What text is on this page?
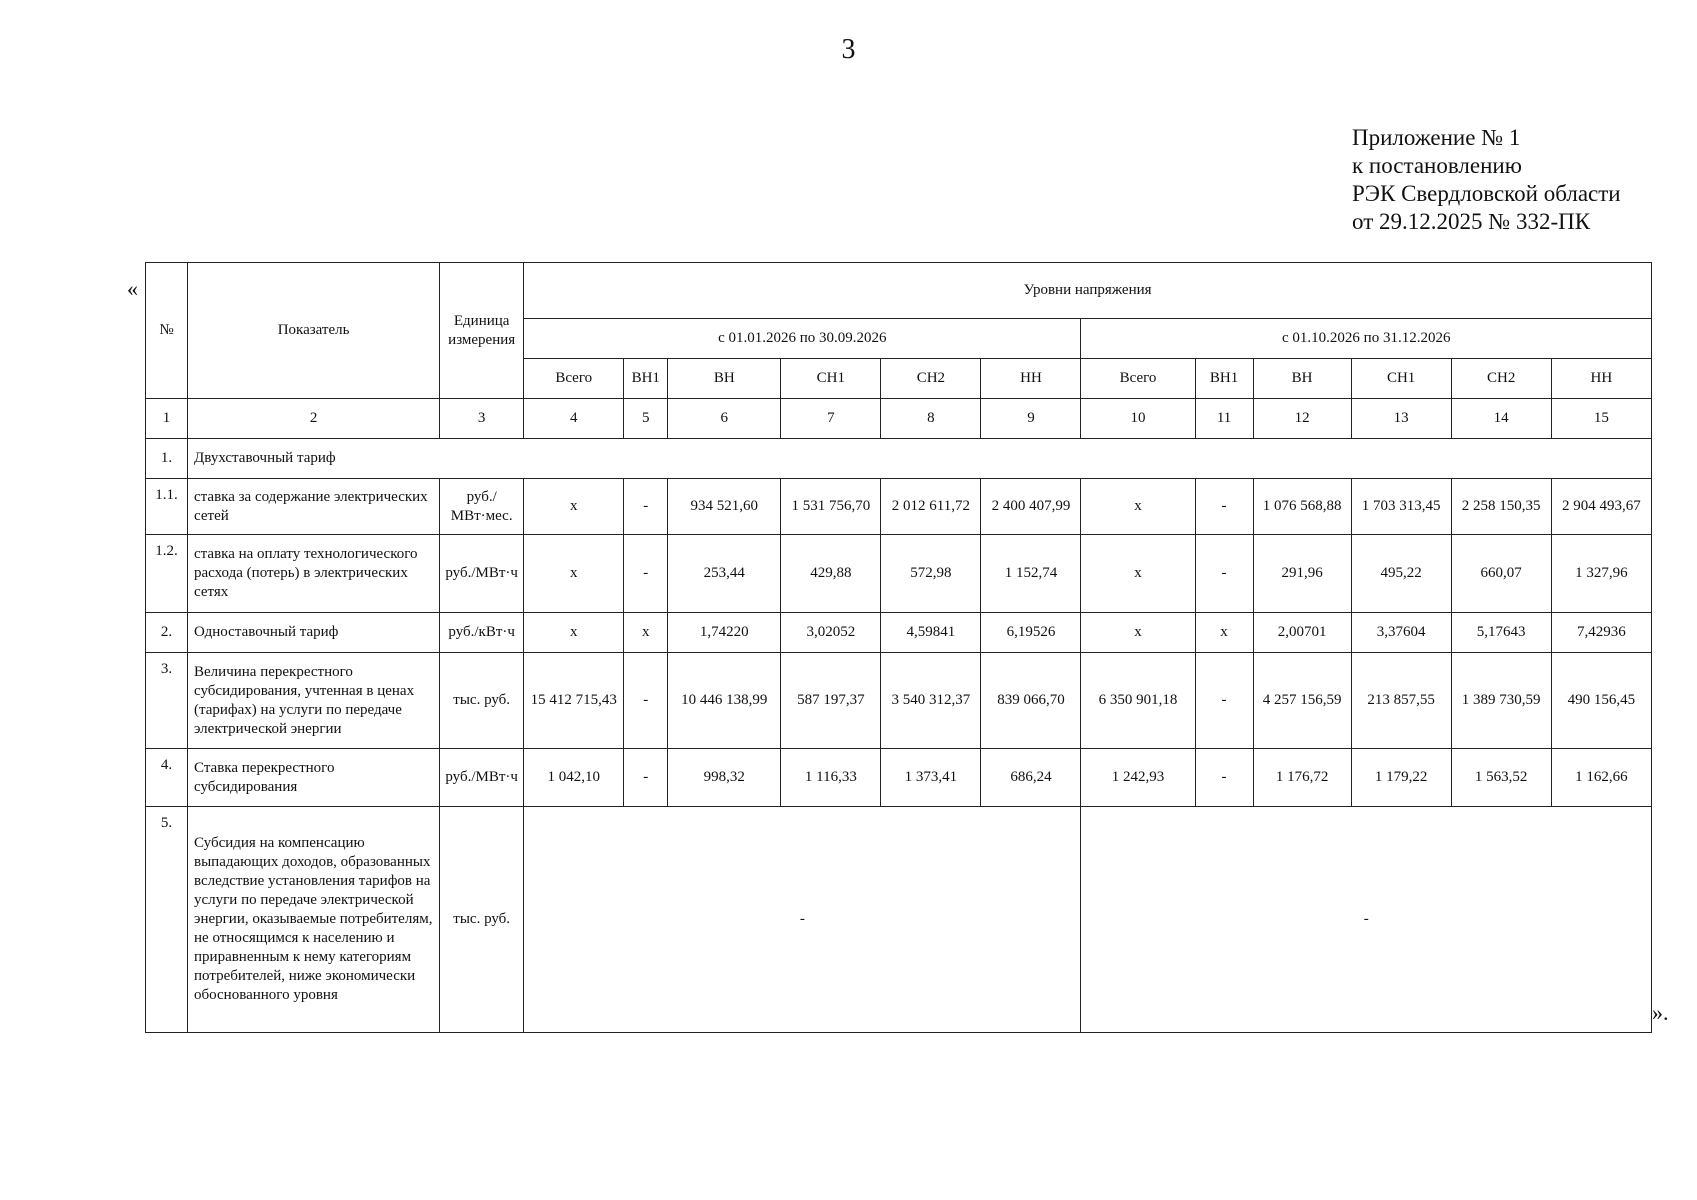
3
Приложение № 1
к постановлению
РЭК Свердловской области
от 29.12.2025 № 332-ПК
«
».
№	Показатель	Единица измерения	Уровни напряжения											
			с 01.01.2026 по 30.09.2026						с 01.10.2026 по 31.12.2026					
			Всего	ВН1	ВН	СН1	СН2	НН	Всего	ВН1	ВН	СН1	СН2	НН
1	2	3	4	5	6	7	8	9	10	11	12	13	14	15
1.	Двухставочный тариф													
1.1.	ставка за содержание электрических сетей	руб./МВт·мес.	х	-	934 521,60	1 531 756,70	2 012 611,72	2 400 407,99	х	-	1 076 568,88	1 703 313,45	2 258 150,35	2 904 493,67
1.2.	ставка на оплату технологического расхода (потерь) в электрических сетях	руб./МВт·ч	х	-	253,44	429,88	572,98	1 152,74	х	-	291,96	495,22	660,07	1 327,96
2.	Одноставочный тариф	руб./кВт·ч	х	х	1,74220	3,02052	4,59841	6,19526	х	х	2,00701	3,37604	5,17643	7,42936
3.	Величина перекрестного субсидирования, учтенная в ценах (тарифах) на услуги по передаче электрической энергии	тыс. руб.	15 412 715,43	-	10 446 138,99	587 197,37	3 540 312,37	839 066,70	6 350 901,18	-	4 257 156,59	213 857,55	1 389 730,59	490 156,45
4.	Ставка перекрестного субсидирования	руб./МВт·ч	1 042,10	-	998,32	1 116,33	1 373,41	686,24	1 242,93	-	1 176,72	1 179,22	1 563,52	1 162,66
5.	Субсидия на компенсацию выпадающих доходов, образованных вследствие установления тарифов на услуги по передаче электрической энергии, оказываемые потребителям, не относящимся к населению и приравненным к нему категориям потребителей, ниже экономически обоснованного уровня	тыс. руб.	-						-					
